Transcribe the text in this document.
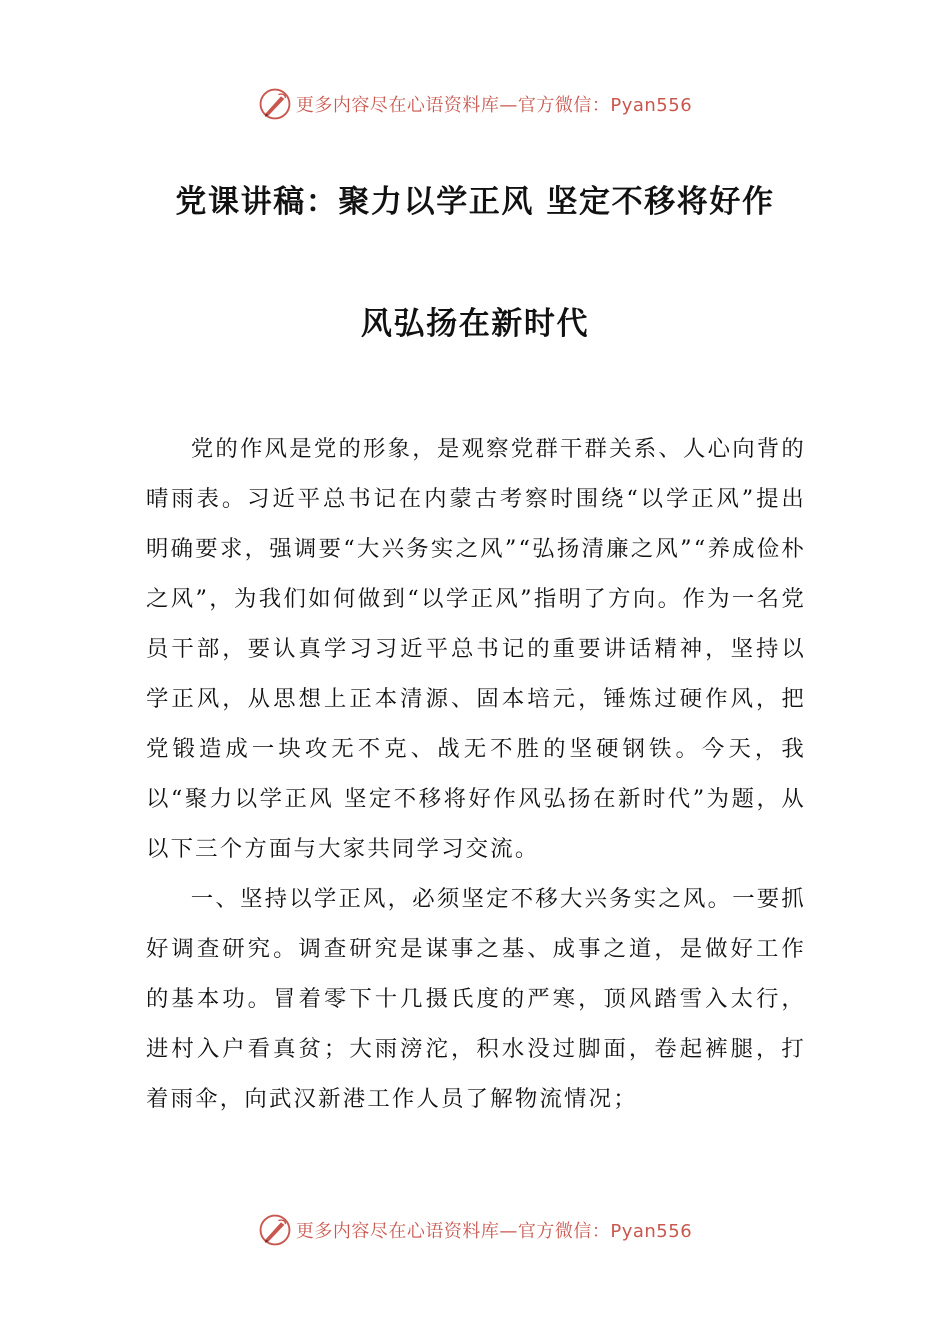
更多内容尽在心语资料库—官方微信：Pyan556
党课讲稿：聚力以学正风 坚定不移将好作
风弘扬在新时代

党的作风是党的形象，是观察党群干群关系、人心向背的晴雨表。习近平总书记在内蒙古考察时围绕“以学正风”提出明确要求，强调要“大兴务实之风”“弘扬清廉之风”“养成俭朴之风”，为我们如何做到“以学正风”指明了方向。作为一名党员干部，要认真学习习近平总书记的重要讲话精神，坚持以学正风，从思想上正本清源、固本培元，锤炼过硬作风，把党锻造成一块攻无不克、战无不胜的坚硬钢铁。今天，我以“聚力以学正风 坚定不移将好作风弘扬在新时代”为题，从以下三个方面与大家共同学习交流。

一、坚持以学正风，必须坚定不移大兴务实之风。一要抓好调查研究。调查研究是谋事之基、成事之道，是做好工作的基本功。冒着零下十几摄氏度的严寒，顶风踏雪入太行，进村入户看真贫；大雨滂沱，积水没过脚面，卷起裤腿，打着雨伞，向武汉新港工作人员了解物流情况；

更多内容尽在心语资料库—官方微信：Pyan556
